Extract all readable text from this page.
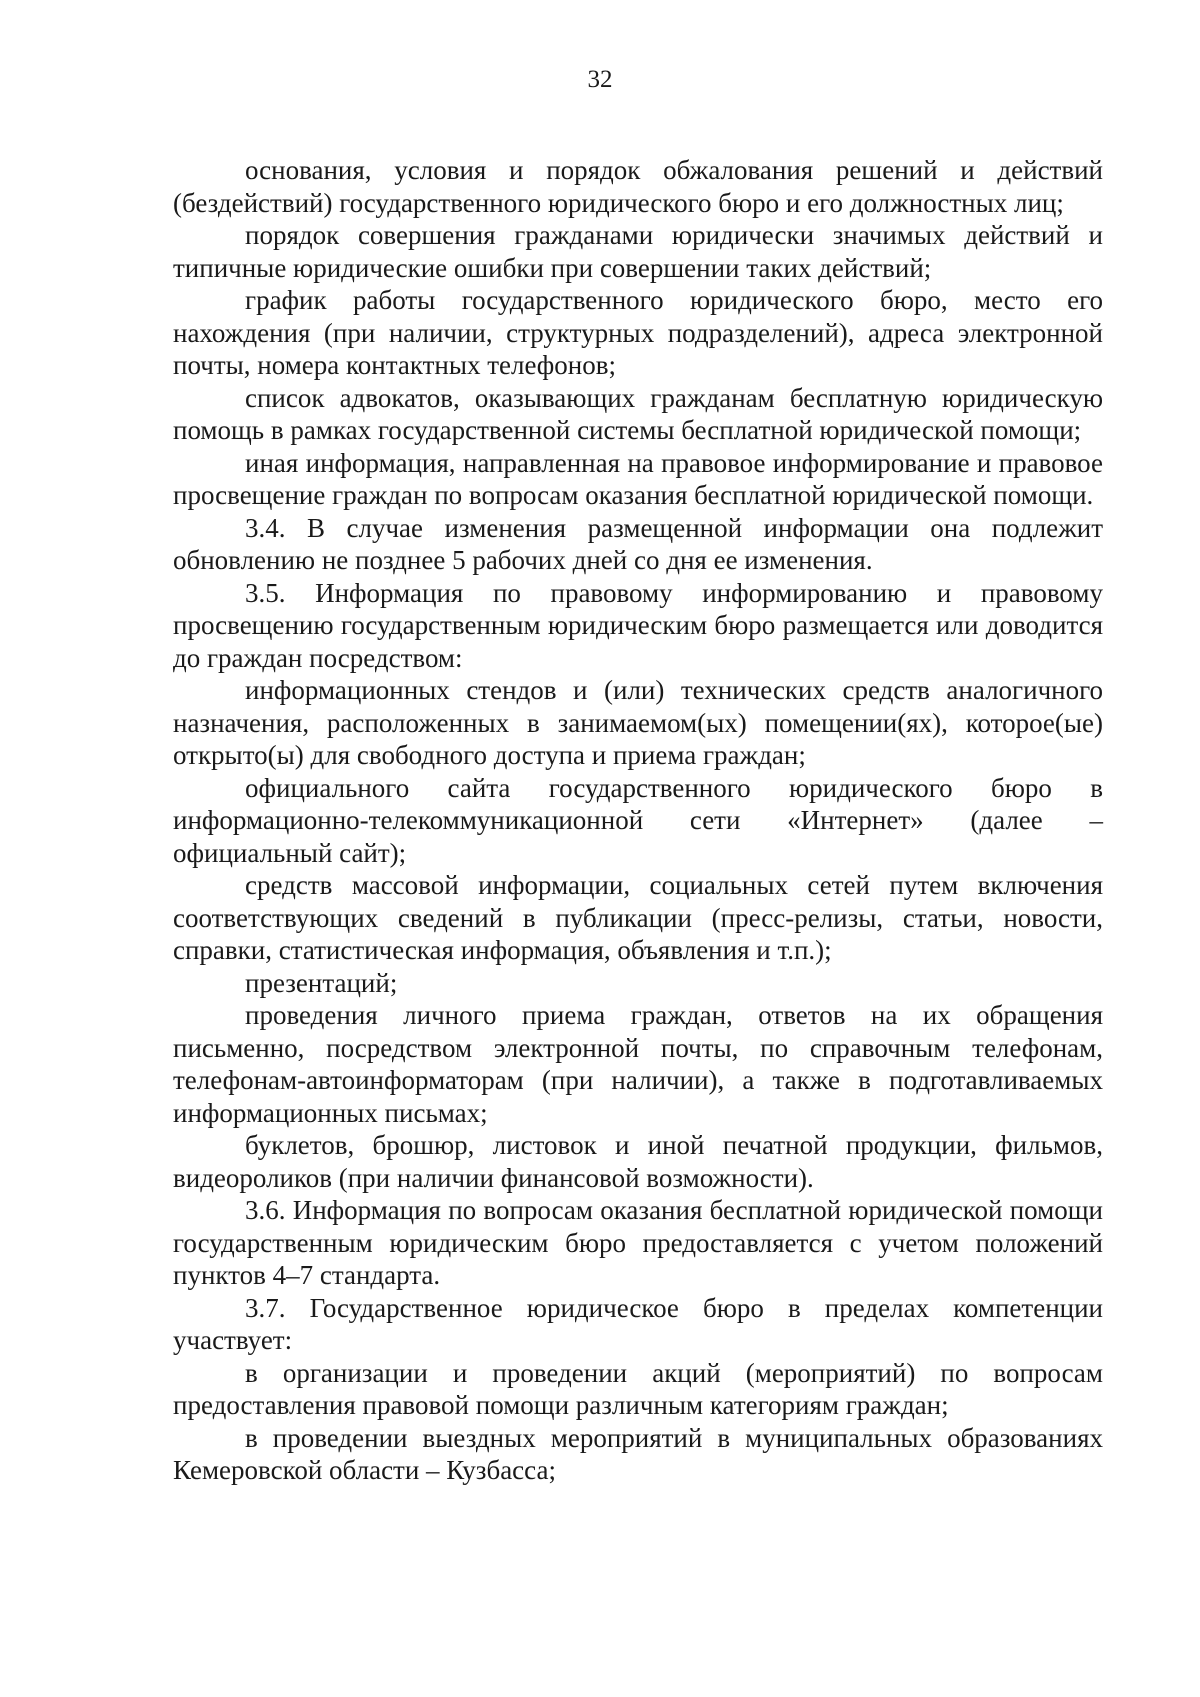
32

основания, условия и порядок обжалования решений и действий (бездействий) государственного юридического бюро и его должностных лиц;

порядок совершения гражданами юридически значимых действий и типичные юридические ошибки при совершении таких действий;

график работы государственного юридического бюро, место его нахождения (при наличии, структурных подразделений), адреса электронной почты, номера контактных телефонов;

список адвокатов, оказывающих гражданам бесплатную юридическую помощь в рамках государственной системы бесплатной юридической помощи;

иная информация, направленная на правовое информирование и правовое просвещение граждан по вопросам оказания бесплатной юридической помощи.

3.4. В случае изменения размещенной информации она подлежит обновлению не позднее 5 рабочих дней со дня ее изменения.

3.5. Информация по правовому информированию и правовому просвещению государственным юридическим бюро размещается или доводится до граждан посредством:

информационных стендов и (или) технических средств аналогичного назначения, расположенных в занимаемом(ых) помещении(ях), которое(ые) открыто(ы) для свободного доступа и приема граждан;

официального сайта государственного юридического бюро в информационно-телекоммуникационной сети «Интернет» (далее – официальный сайт);

средств массовой информации, социальных сетей путем включения соответствующих сведений в публикации (пресс-релизы, статьи, новости, справки, статистическая информация, объявления и т.п.);

презентаций;

проведения личного приема граждан, ответов на их обращения письменно, посредством электронной почты, по справочным телефонам, телефонам-автоинформаторам (при наличии), а также в подготавливаемых информационных письмах;

буклетов, брошюр, листовок и иной печатной продукции, фильмов, видеороликов (при наличии финансовой возможности).

3.6. Информация по вопросам оказания бесплатной юридической помощи государственным юридическим бюро предоставляется с учетом положений пунктов 4–7 стандарта.

3.7. Государственное юридическое бюро в пределах компетенции участвует:

в организации и проведении акций (мероприятий) по вопросам предоставления правовой помощи различным категориям граждан;

в проведении выездных мероприятий в муниципальных образованиях Кемеровской области – Кузбасса;
